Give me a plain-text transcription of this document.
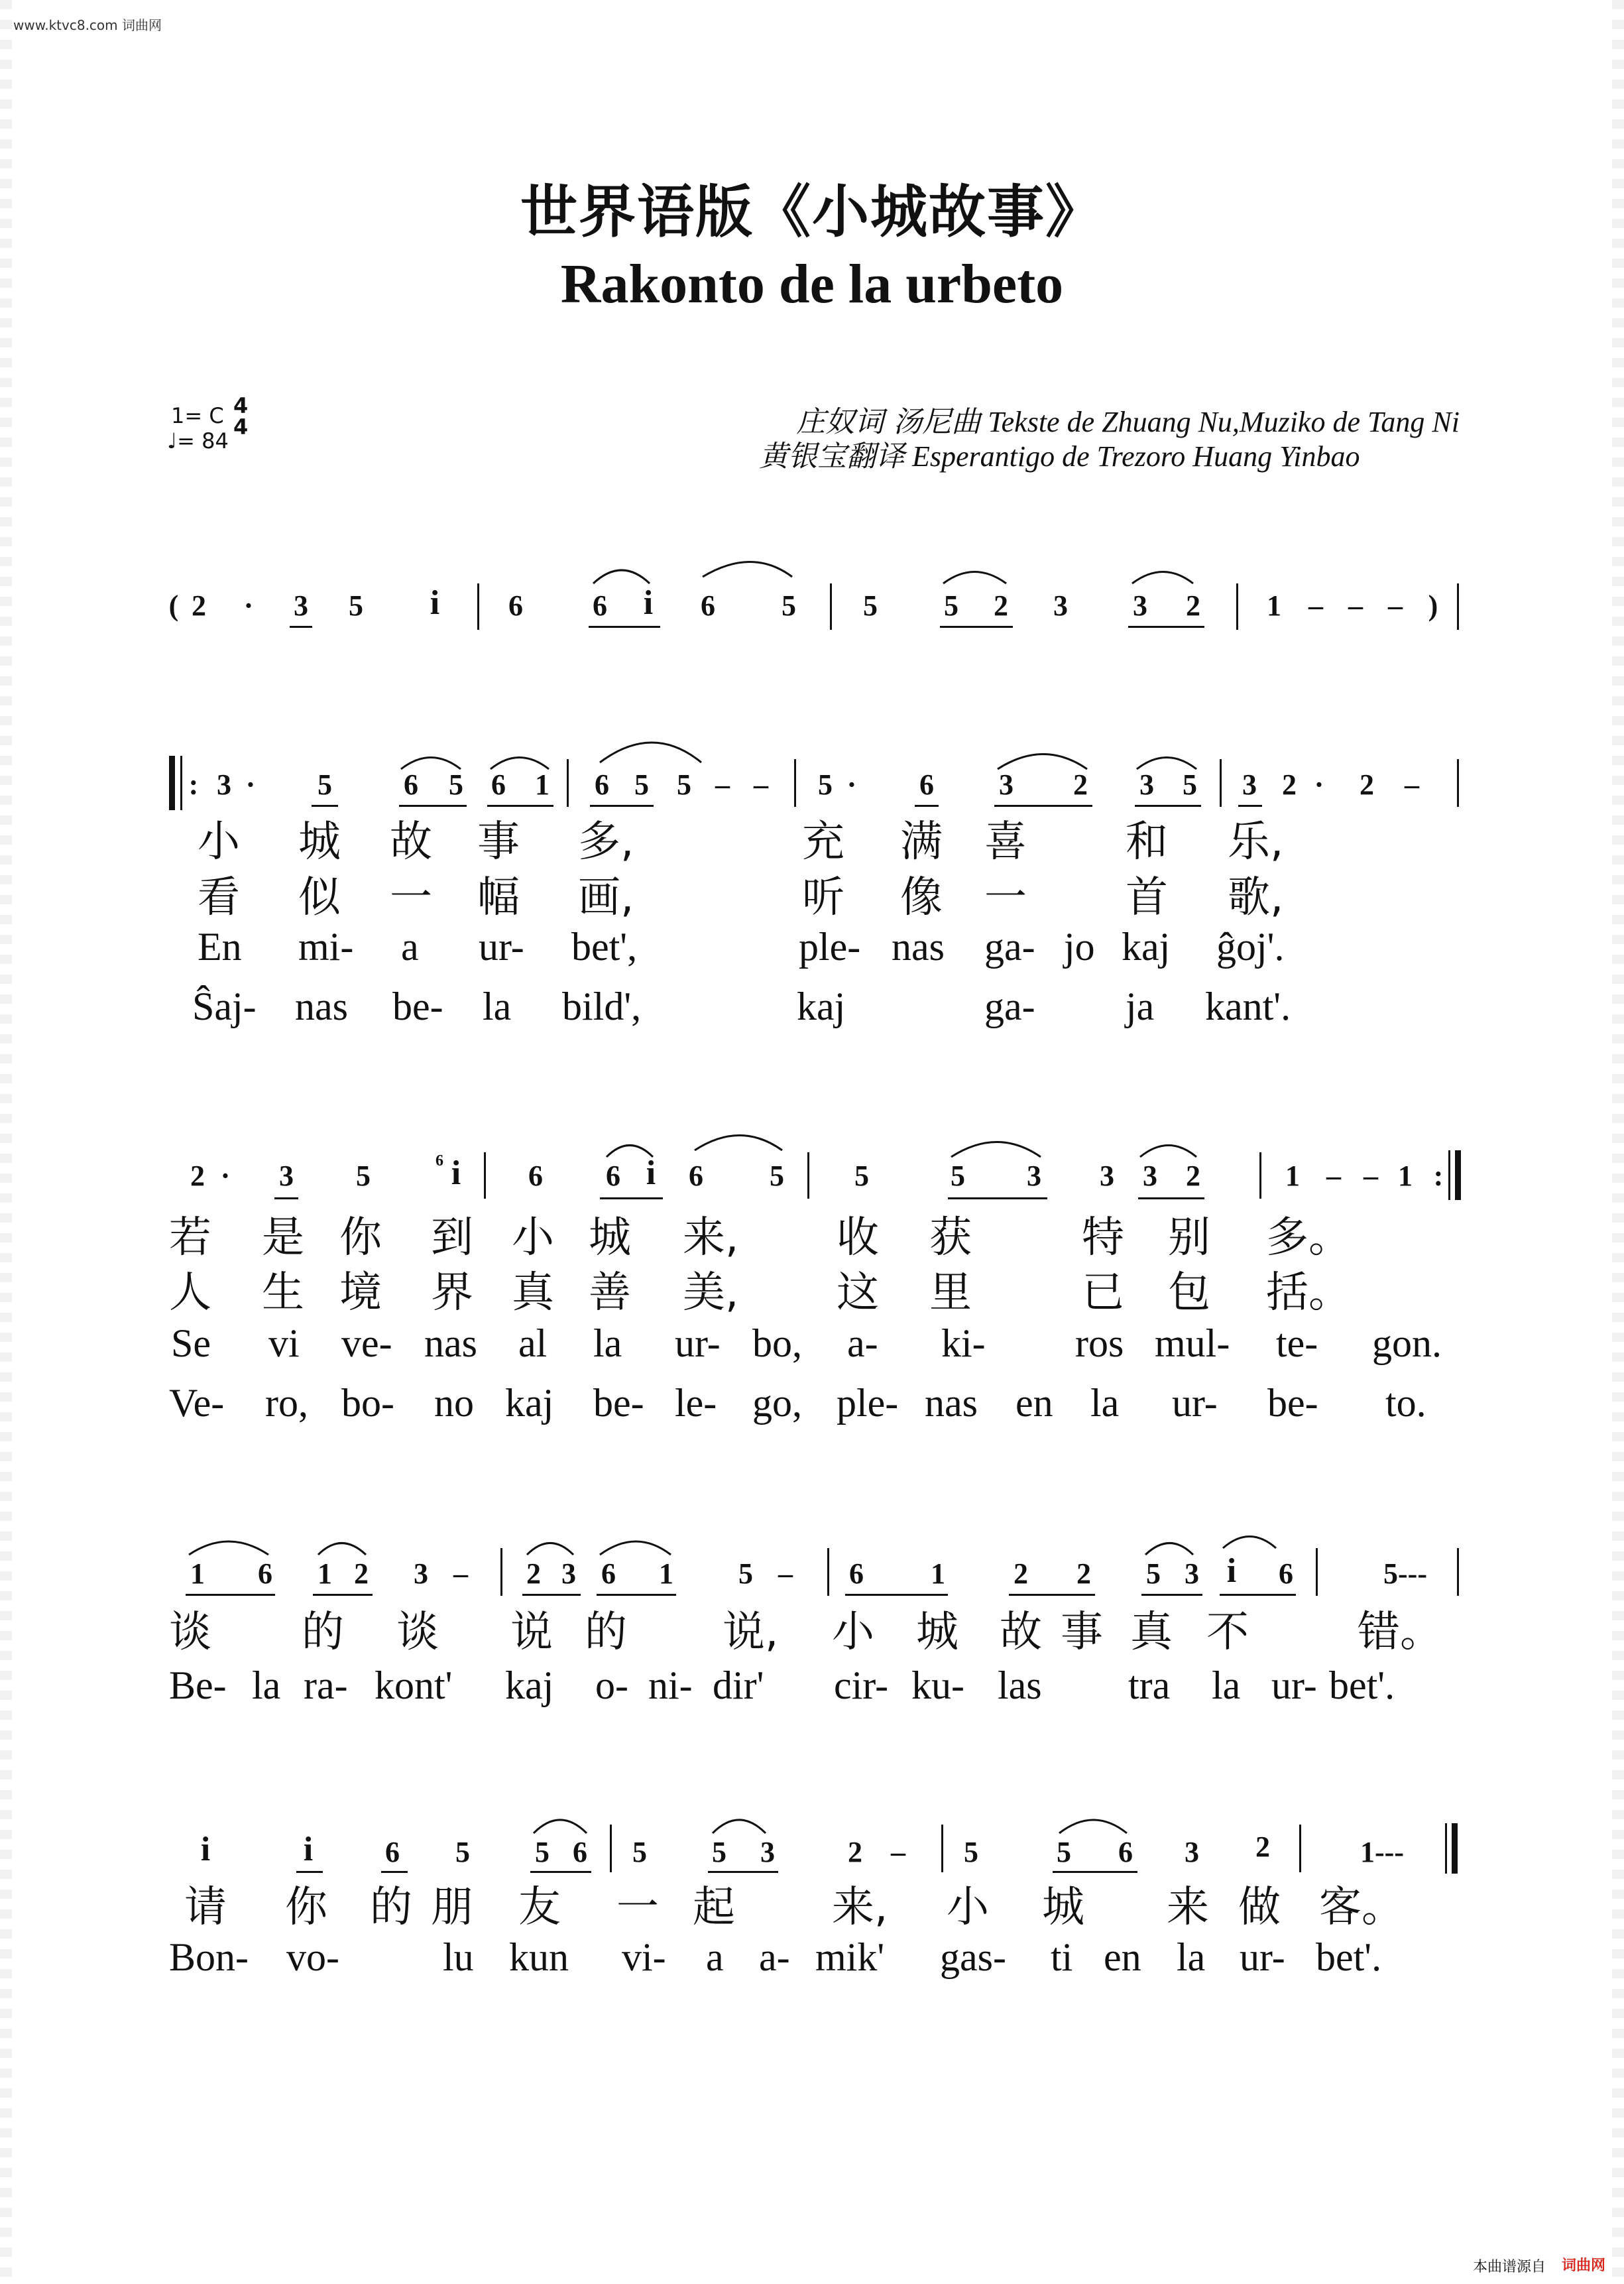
www.ktvc8.com 词曲网
世界语版《小城故事》
Rakonto de la urbeto
1= C 4
4
♩= 84
庄奴词 汤尼曲 Tekste de Zhuang Nu,Muziko de Tang Ni
黄银宝翻译 Esperantigo de Trezoro Huang Yinbao
( 2 · 3 5 i 6 6 i 6 5 5 5 2 3 3 2 1 – – – )
: 3 · 5 6 5 6 1 6 5 5 – – 5 · 6 3 2 3 5 3 2 · 2 –
小 城 故 事 多,	充 满 喜 和 乐,
看 似 一 幅 画,	听 像 一 首 歌,
En mi- a ur- bet',	ple- nas ga- jo kaj ĝoj'.
Ŝaj- nas be- la bild',	kaj	ga- ja kant'.
2 · 3 5	6 i 6 6 i 6 5 5	5 3 3 3 2	1 – – 1 :
若 是 你 到 小 城 来, 收 获	特 别 多。
人 生 境 界 真 善 美, 这 里	已 包 括。
Se vi ve- nas al la ur- bo, a- ki- ros mul- te- gon.
Ve- ro, bo- no kaj be- le- go, ple- nas en la ur- be- to.
1 6 1 2 3 – 2 3 6 1 5 – 6 1 2 2 5 3 i 6	5---
谈 的 谈 说 的 说, 小 城 故 事 真 不	错。
Be- la ra- kont' kaj o- ni- dir' cir- ku- las tra la ur- bet'.
i	i 6 5 5 6 5 5 3	2 – 5	5 6 3 2	1---
请 你 的 朋 友 一 起 来, 小 城 来 做 客。
Bon- vo-	lu kun vi- a a- mik' gas- ti en la ur- bet'.
本曲谱源自 词曲网
